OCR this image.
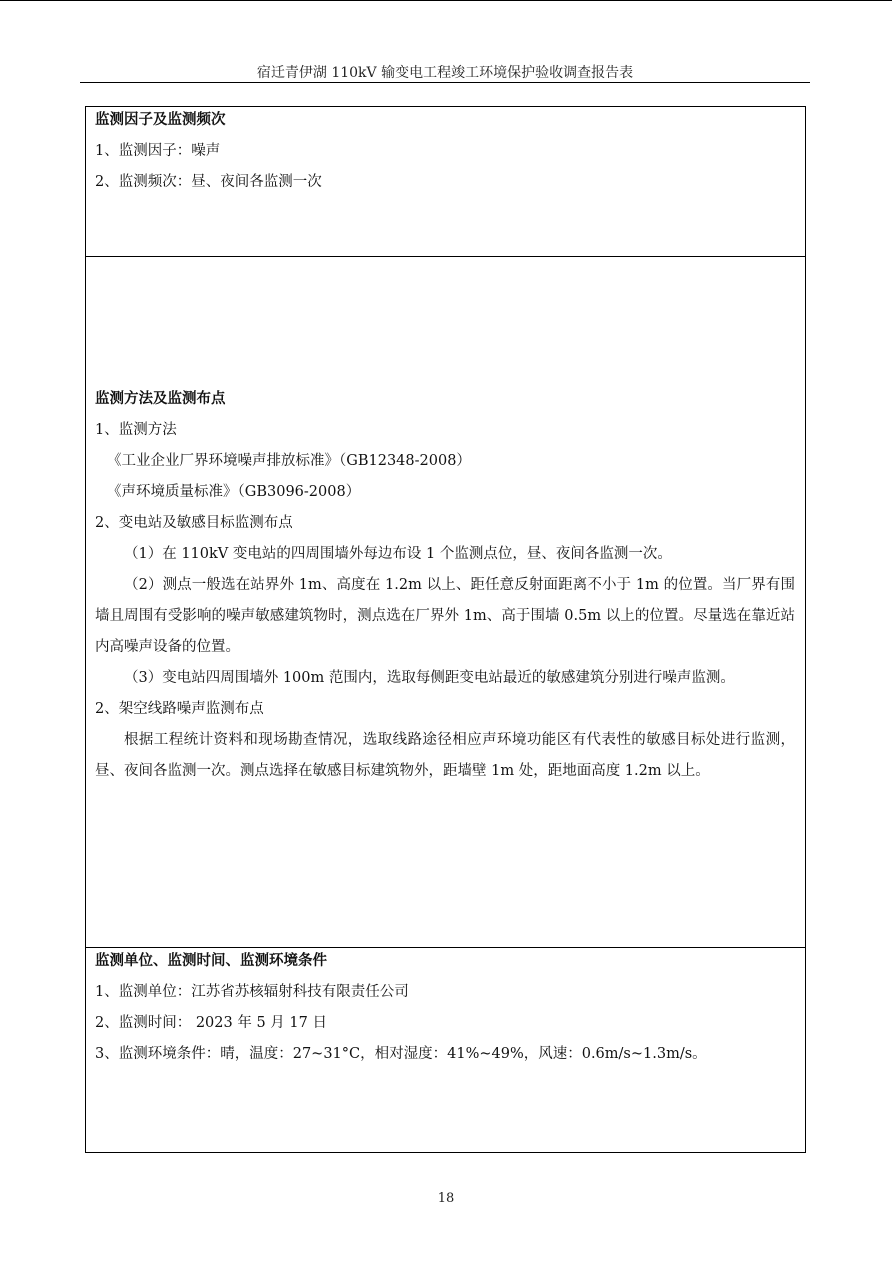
宿迁青伊湖 110kV 输变电工程竣工环境保护验收调查报告表
监测因子及监测频次
1、监测因子：噪声
2、监测频次：昼、夜间各监测一次
监测方法及监测布点
1、监测方法
《工业企业厂界环境噪声排放标准》（GB12348-2008）
《声环境质量标准》（GB3096-2008）
2、变电站及敏感目标监测布点
（1）在 110kV 变电站的四周围墙外每边布设 1 个监测点位，昼、夜间各监测一次。
（2）测点一般选在站界外 1m、高度在 1.2m 以上、距任意反射面距离不小于 1m 的位置。当厂界有围墙且周围有受影响的噪声敏感建筑物时，测点选在厂界外 1m、高于围墙 0.5m 以上的位置。尽量选在靠近站内高噪声设备的位置。
（3）变电站四周围墙外 100m 范围内，选取每侧距变电站最近的敏感建筑分别进行噪声监测。
2、架空线路噪声监测布点
根据工程统计资料和现场勘查情况，选取线路途径相应声环境功能区有代表性的敏感目标处进行监测，昼、夜间各监测一次。测点选择在敏感目标建筑物外，距墙壁 1m 处，距地面高度 1.2m 以上。
监测单位、监测时间、监测环境条件
1、监测单位：江苏省苏核辐射科技有限责任公司
2、监测时间： 2023 年 5 月 17 日
3、监测环境条件：晴，温度：27~31°C，相对湿度：41%~49%，风速：0.6m/s~1.3m/s。
18
